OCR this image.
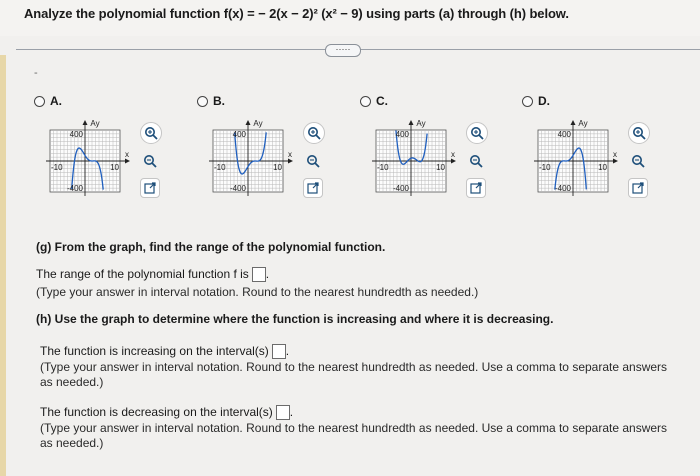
Analyze the polynomial function f(x) = − 2(x − 2)² (x² − 9) using parts (a) through (h) below.
·····
-
A.
400
-400
-10	10
x
Ay
B.
400
-400
-10	10
x
Ay
C.
400
-400
-10	10
x
Ay
D.
400
-400
-10	10
x
Ay
(g) From the graph, find the range of the polynomial function.
The range of the polynomial function f is .
(Type your answer in interval notation. Round to the nearest hundredth as needed.)
(h) Use the graph to determine where the function is increasing and where it is decreasing.
The function is increasing on the interval(s) .
(Type your answer in interval notation. Round to the nearest hundredth as needed. Use a comma to separate answers as needed.)
The function is decreasing on the interval(s) .
(Type your answer in interval notation. Round to the nearest hundredth as needed. Use a comma to separate answers as needed.)
